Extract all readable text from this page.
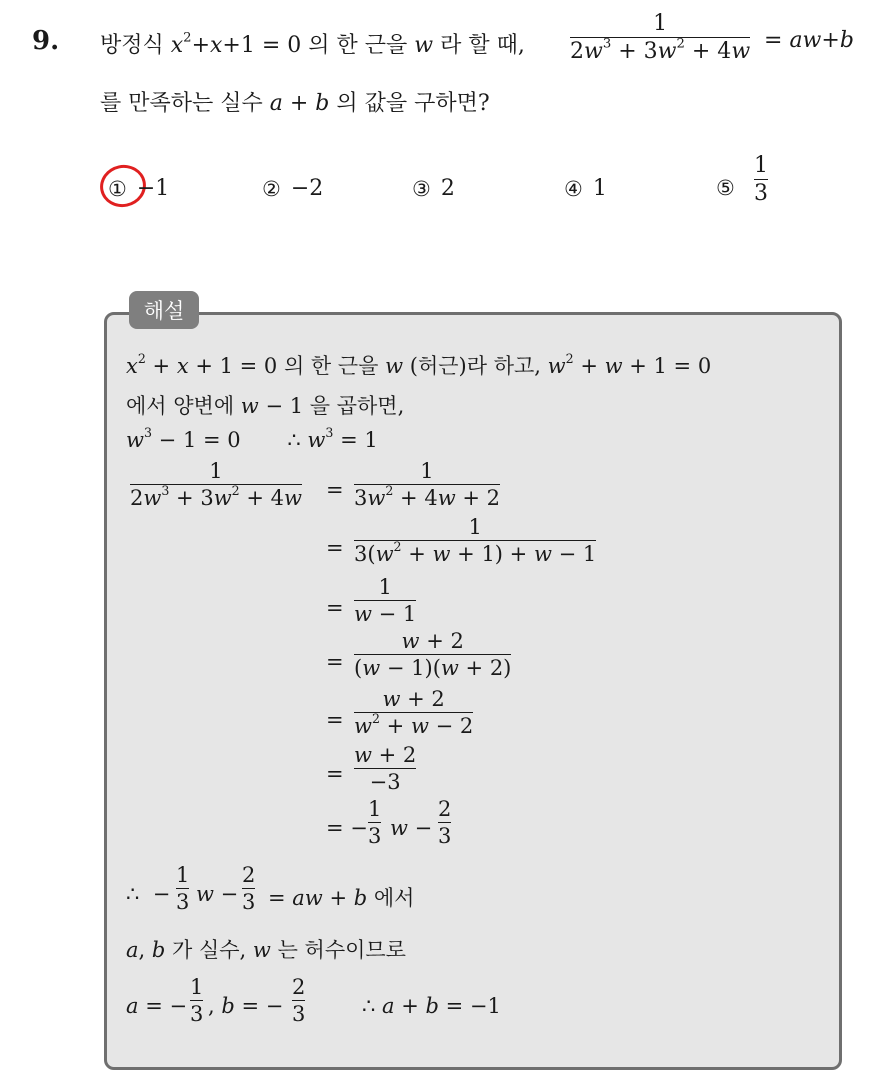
9. 방정식 $x^2+x+1 = 0$ 의 한 근을 w 라 할 때,
1
$2w^3 + 3w^2 + 4w = aw+b$
를 만족하는 실수 a + b 의 값을 구하면?
① −1	② −2	③ 2	④ 1	⑤
1
3
해설
$x^2 + x + 1 = 0$ 의 한 근을 w (허근)라 하고, $w^2 + w + 1 = 0$
에서 양변에 w − 1 을 곱하면,
$w^3 - 1 = 0$       ∴ $w^3 = 1$
1
$2w^3 + 3w^2 + 4w$ =
1
$3w^2 + 4w + 2$
=
1
$3(w^2 + w + 1) + w - 1$
=
1
w − 1
=
w + 2
(w − 1)(w + 2)
=
w + 2
$w^2 + w - 2$
=
w + 2
−3
= −
1
3 w −
2
3
∴  −
1
3 w −
2
3 = aw + b 에서
a, b 가 실수, w 는 허수이므로
a = −
1
3 , b = −
2
3	∴ a + b = −1
